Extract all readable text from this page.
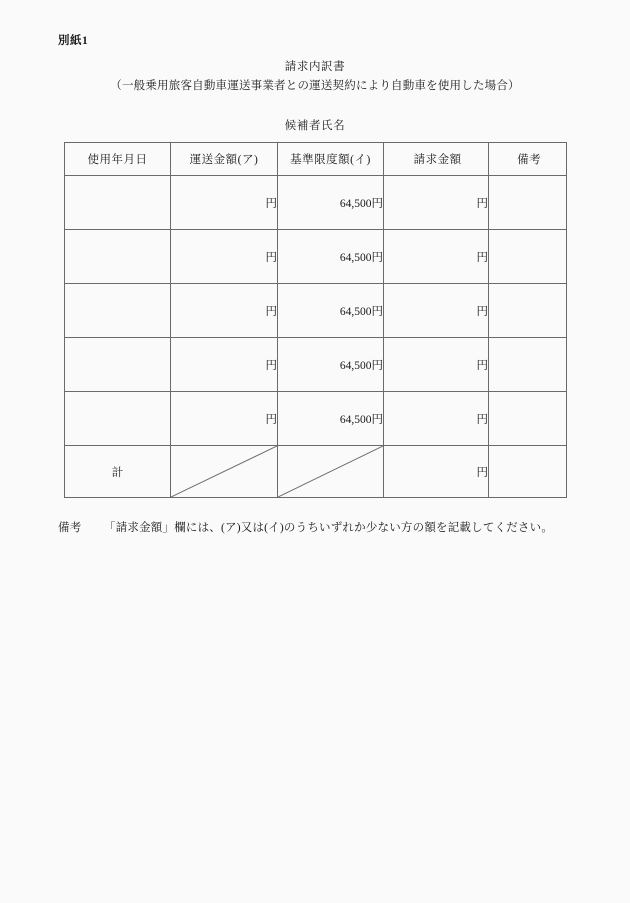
別紙1
請求内訳書
（一般乗用旅客自動車運送事業者との運送契約により自動車を使用した場合）
候補者氏名
使用年月日	運送金額(ア)	基準限度額(イ)	請求金額	備考
	円	64,500円	円	
	円	64,500円	円	
	円	64,500円	円	
	円	64,500円	円	
	円	64,500円	円	
計			円	
備考 「請求金額」欄には、(ア)又は(イ)のうちいずれか少ない方の額を記載してください。
